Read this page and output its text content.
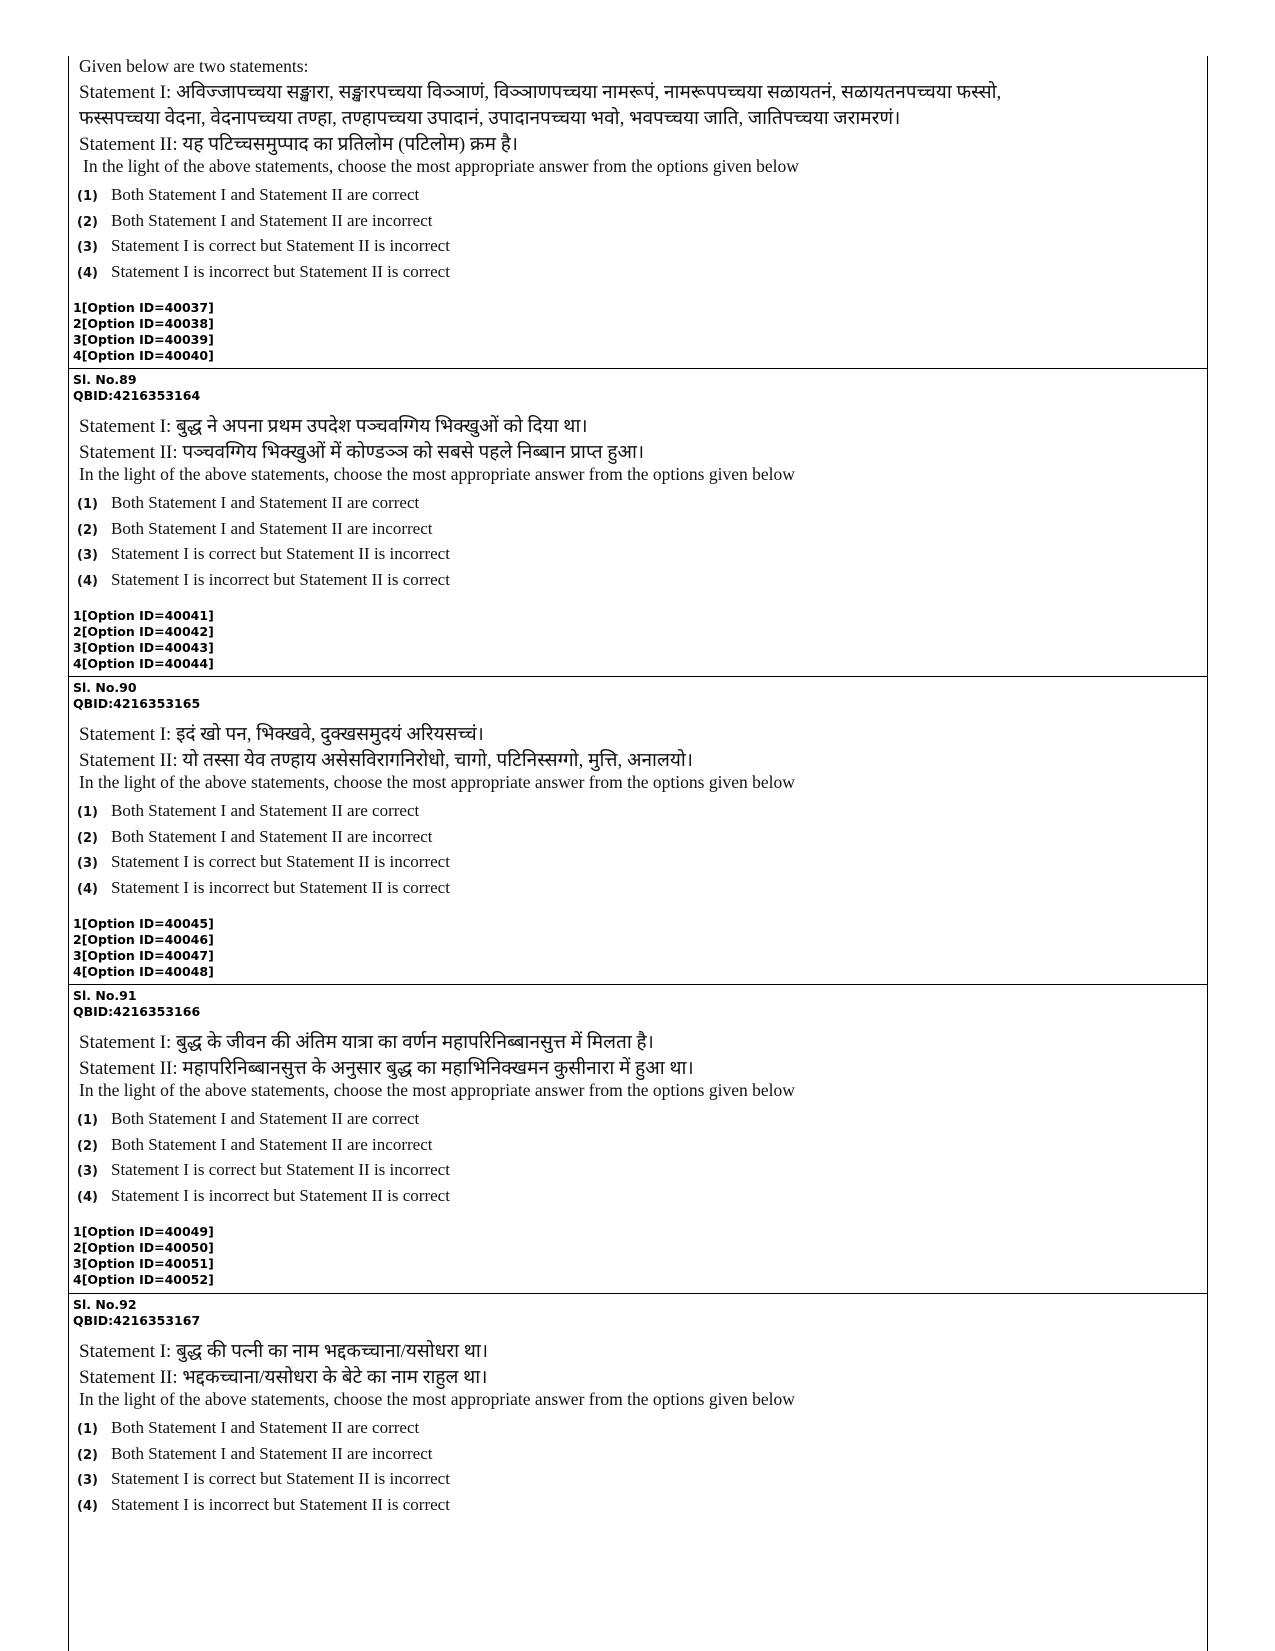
Given below are two statements:
Statement I: अविज्जापच्चया सङ्खारा, सङ्खारपच्चया विञ्ञाणं, विञ्ञाणपच्चया नामरूपं, नामरूपपच्चया सळायतनं, सळायतनपच्चया फस्सो,
फस्सपच्चया वेदना, वेदनापच्चया तण्हा, तण्हापच्चया उपादानं, उपादानपच्चया भवो, भवपच्चया जाति, जातिपच्चया जरामरणं।
Statement II: यह पटिच्चसमुप्पाद का प्रतिलोम (पटिलोम) क्रम है।
In the light of the above statements, choose the most appropriate answer from the options given below
(1) Both Statement I and Statement II are correct
(2) Both Statement I and Statement II are incorrect
(3) Statement I is correct but Statement II is incorrect
(4) Statement I is incorrect but Statement II is correct
1[Option ID=40037]
2[Option ID=40038]
3[Option ID=40039]
4[Option ID=40040]
Sl. No.89
QBID:4216353164
Statement I: बुद्ध ने अपना प्रथम उपदेश पञ्चवग्गिय भिक्खुओं को दिया था।
Statement II: पञ्चवग्गिय भिक्खुओं में कोण्डञ्ञ को सबसे पहले निब्बान प्राप्त हुआ।
In the light of the above statements, choose the most appropriate answer from the options given below
(1) Both Statement I and Statement II are correct
(2) Both Statement I and Statement II are incorrect
(3) Statement I is correct but Statement II is incorrect
(4) Statement I is incorrect but Statement II is correct
1[Option ID=40041]
2[Option ID=40042]
3[Option ID=40043]
4[Option ID=40044]
Sl. No.90
QBID:4216353165
Statement I: इदं खो पन, भिक्खवे, दुक्खसमुदयं अरियसच्चं।
Statement II: यो तस्सा येव तण्हाय असेसविरागनिरोधो, चागो, पटिनिस्सग्गो, मुत्ति, अनालयो।
In the light of the above statements, choose the most appropriate answer from the options given below
(1) Both Statement I and Statement II are correct
(2) Both Statement I and Statement II are incorrect
(3) Statement I is correct but Statement II is incorrect
(4) Statement I is incorrect but Statement II is correct
1[Option ID=40045]
2[Option ID=40046]
3[Option ID=40047]
4[Option ID=40048]
Sl. No.91
QBID:4216353166
Statement I: बुद्ध के जीवन की अंतिम यात्रा का वर्णन महापरिनिब्बानसुत्त में मिलता है।
Statement II: महापरिनिब्बानसुत्त के अनुसार बुद्ध का महाभिनिक्खमन कुसीनारा में हुआ था।
In the light of the above statements, choose the most appropriate answer from the options given below
(1) Both Statement I and Statement II are correct
(2) Both Statement I and Statement II are incorrect
(3) Statement I is correct but Statement II is incorrect
(4) Statement I is incorrect but Statement II is correct
1[Option ID=40049]
2[Option ID=40050]
3[Option ID=40051]
4[Option ID=40052]
Sl. No.92
QBID:4216353167
Statement I: बुद्ध की पत्नी का नाम भद्दकच्चाना/यसोधरा था।
Statement II: भद्दकच्चाना/यसोधरा के बेटे का नाम राहुल था।
In the light of the above statements, choose the most appropriate answer from the options given below
(1) Both Statement I and Statement II are correct
(2) Both Statement I and Statement II are incorrect
(3) Statement I is correct but Statement II is incorrect
(4) Statement I is incorrect but Statement II is correct
